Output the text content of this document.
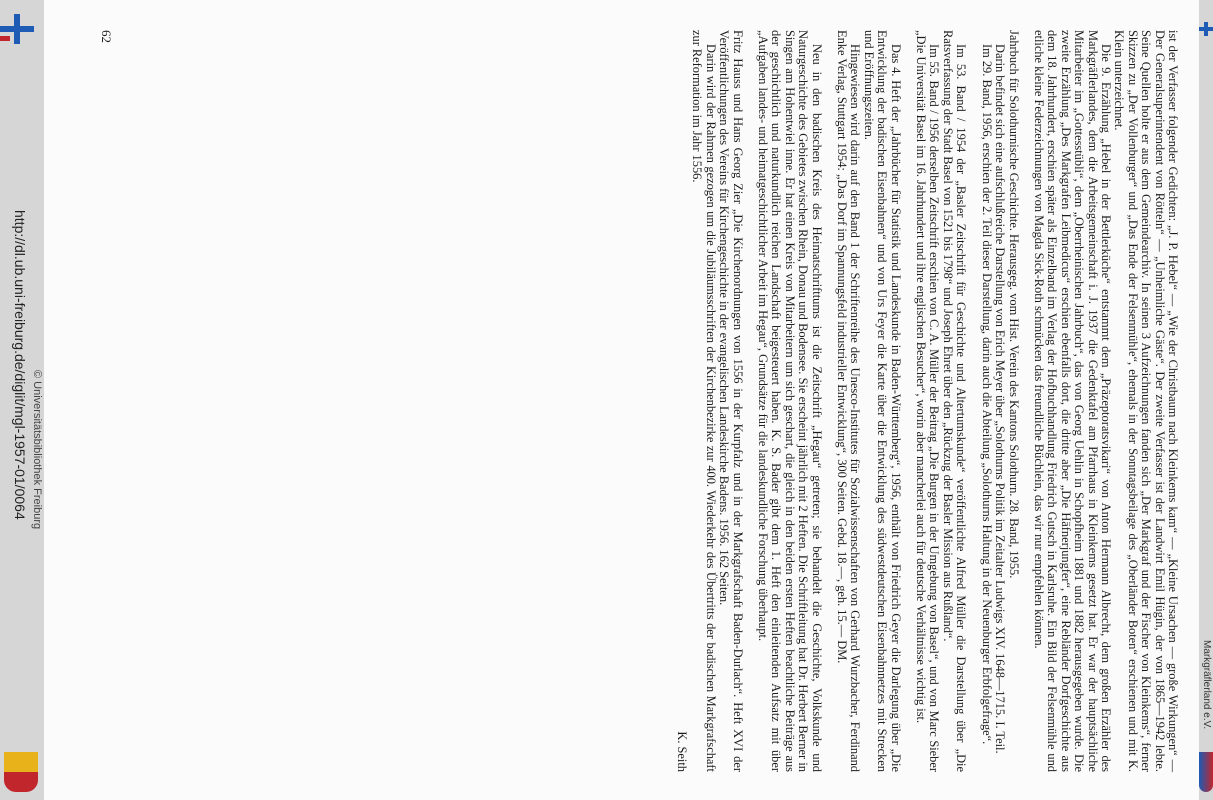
ist der Verfasser folgender Gedichten: „J. P. Hebel“ — „Wie der Christbaum nach Kleinkems kam“ — „Kleine Ursachen — große Wirkungen“ — Der Generalsuperintendent von Rötteln“ — „Unheimliche Gäste“. Der zweite Verfasser ist der Landwirt Emil Hügin, der von 1865—1942 lebte. Seine Quellen holte er aus dem Gemeindearchiv. In seinen 3 Aufzeichnungen fanden sich „Der Markgraf und der Fischer von Kleinkems“, ferner Skizzen zu „Der Vollenburger“ und „Das Ende der Felsenmühle“, ehemals in der Sonntagsbeilage des „Oberländer Boten“ erschienen und mit K. Klein unterzeichnet.

Die 9. Erzählung „Hebel in der Bettlerküche“ entstammt dem „Präzeptoratsvikari“ von Anton Hermann Albrecht, dem großen Erzähler des Markgräflerlandes, dem die Arbeitsgemeinschaft i. J. 1937 die Gedenktafel am Pfarrhaus in Kleinkems gesetzt hat. Er war der hauptsächliche Mitarbeiter im „Gottesstübli“, dem „Oberrheinischen Jahrbuch“, das von Georg Uehlin in Schopfheim 1881 und 1882 herausgegeben wurde. Die zweite Erzählung „Des Markgrafen Leibmedicus“ erschien ebenfalls dort, die dritte aber „Die Häfnerjungfer“, eine Rebländer Dorfgeschichte aus dem 18. Jahrhundert, erschien später als Einzelband im Verlag der Hofbuchhandlung Friedrich Gutsch in Karlsruhe. Ein Bild der Felsenmühle und etliche kleine Federzeichnungen von Magda Sick-Roth schmücken das freundliche Büchlein, das wir nur empfehlen können.

Jahrbuch für Solothurnische Geschichte. Herausgeg. vom Hist. Verein des Kantons Solothurn. 28. Band, 1955.

Darin befindet sich eine aufschlußreiche Darstellung von Erich Meyer über „Solothurns Politik im Zeitalter Ludwigs XIV. 1648—1715. I. Teil.

Im 29. Band, 1956, erschien der 2. Teil dieser Darstellung, darin auch die Abteilung „Solothurns Haltung in der Neuenburger Erbfolgefrage“.

Im 53. Band / 1954 der „Basler Zeitschrift für Geschichte und Altertumskunde“ veröffentlichte Alfred Müller die Darstellung über „Die Ratsverfassung der Stadt Basel von 1521 bis 1798“ und Joseph Ehret über den „Rückzug der Basler Mission aus Rußland“.

Im 55. Band / 1956 derselben Zeitschrift erschien von C. A. Müller der Beitrag „Die Burgen in der Umgebung von Basel“, und von Marc Sieber „Die Universität Basel im 16. Jahrhundert und ihre englischen Besucher“, worin aber mancherlei auch für deutsche Verhältnisse wichtig ist.

Das 4. Heft der „Jahrbücher für Statistik und Landeskunde in Baden-Württemberg“, 1956, enthält von Friedrich Geyer die Darlegung über „Die Entwicklung der badischen Eisenbahnen“ und von Urs Feyer die Karte über die Entwicklung des südwestdeutschen Eisenbahnnetzes mit Strecken und Eröffnungszeiten.

Hingewiesen wird darin auf den Band 1 der Schriftenreihe des Unesco-Institutes für Sozialwissenschaften von Gerhard Wurzbacher, Ferdinand Enke Verlag, Stuttgart 1954: „Das Dorf im Spannungsfeld industrieller Entwicklung“, 300 Seiten. Gebd. 18.—, geh. 15.— DM.

Neu in den badischen Kreis des Heimatschrifttums ist die Zeitschrift „Hegau“ getreten; sie behandelt die Geschichte, Volkskunde und Naturgeschichte des Gebietes zwischen Rhein, Donau und Bodensee. Sie erscheint jährlich mit 2 Heften. Die Schriftleitung hat Dr. Herbert Berner in Singen am Hohentwiel inne. Er hat einen Kreis von Mitarbeitern um sich geschart, die gleich in den beiden ersten Heften beachtliche Beiträge aus der geschichtlich und naturkundlich reichen Landschaft beigesteuert haben. K. S. Bader gibt dem 1. Heft den einleitenden Aufsatz mit über „Aufgaben landes- und heimatgeschichtlicher Arbeit im Hegau“, Grundsätze für die landeskundliche Forschung überhaupt.

Fritz Hauss und Hans Georg Zier „Die Kirchenordnungen von 1556 in der Kurpfalz und in der Markgrafschaft Baden-Durlach“. Heft XVI der Veröffentlichungen des Vereins für Kirchengeschichte in der evangelischen Landeskirche Badens. 1956. 162 Seiten.

Darin wird der Rahmen gezogen um die Jubiläumsschriften der Kirchenbezirke zur 400. Wiederkehr des Übertritts der badischen Markgrafschaft zur Reformation im Jahr 1556.

K. Seith
62
http://dl.ub.uni-freiburg.de/diglit/mgl-1957-01/0064 © Universitätsbibliothek Freiburg
Markgräflerland e.V.
